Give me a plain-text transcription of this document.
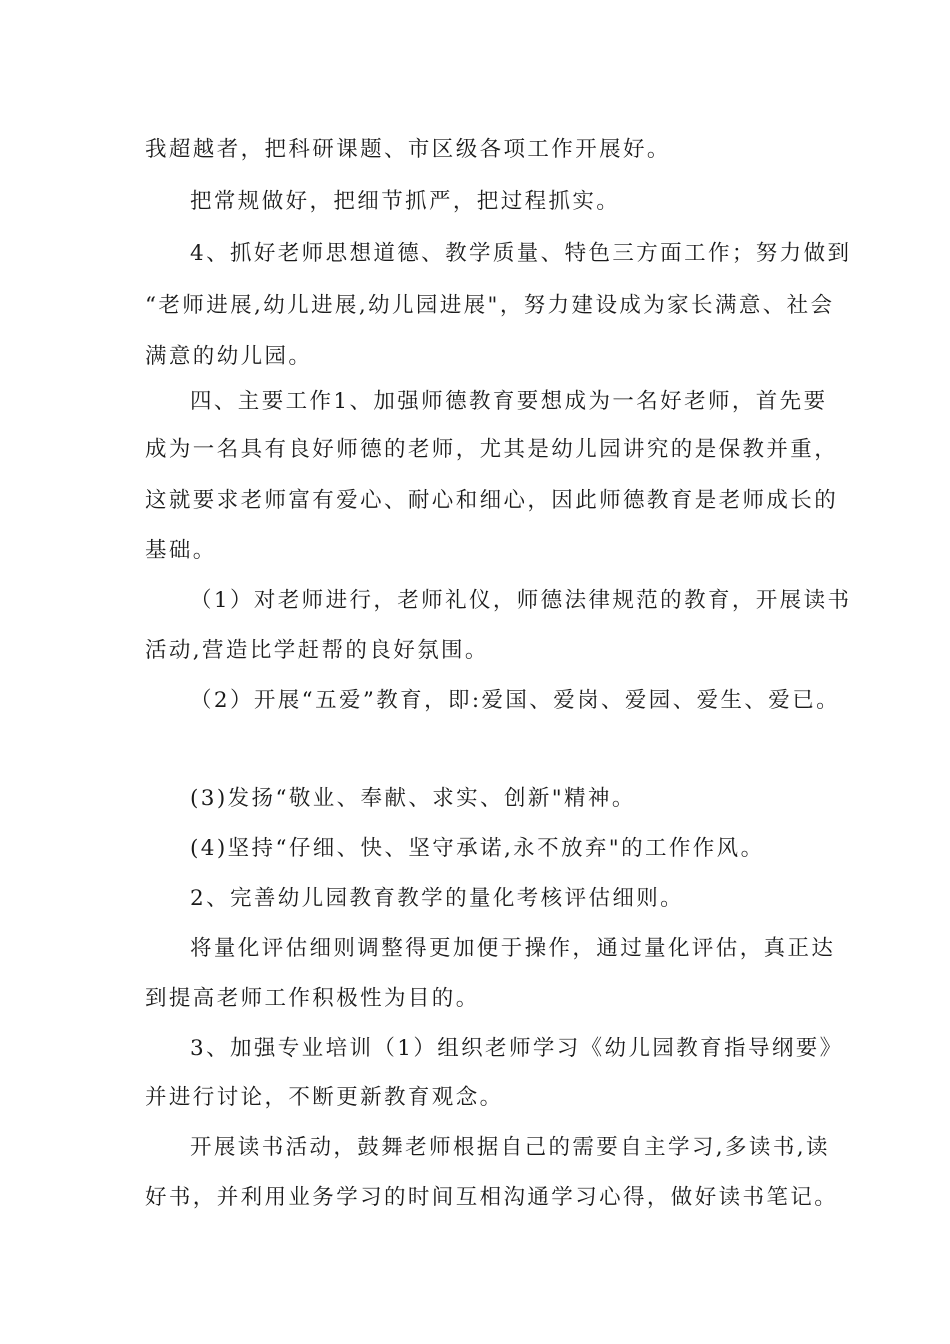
我超越者，把科研课题、市区级各项工作开展好。
把常规做好，把细节抓严，把过程抓实。
4、抓好老师思想道德、教学质量、特色三方面工作；努力做到
“老师进展,幼儿进展,幼儿园进展"，努力建设成为家长满意、社会
满意的幼儿园。
四、主要工作1、加强师德教育要想成为一名好老师，首先要
成为一名具有良好师德的老师，尤其是幼儿园讲究的是保教并重，
这就要求老师富有爱心、耐心和细心，因此师德教育是老师成长的
基础。
（1）对老师进行，老师礼仪，师德法律规范的教育，开展读书
活动,营造比学赶帮的良好氛围。
（2）开展“五爱”教育，即:爱国、爱岗、爱园、爱生、爱已。
(3)发扬“敬业、奉献、求实、创新"精神。
(4)坚持“仔细、快、坚守承诺,永不放弃"的工作作风。
2、完善幼儿园教育教学的量化考核评估细则。
将量化评估细则调整得更加便于操作，通过量化评估，真正达
到提高老师工作积极性为目的。
3、加强专业培训（1）组织老师学习《幼儿园教育指导纲要》
并进行讨论，不断更新教育观念。
开展读书活动，鼓舞老师根据自己的需要自主学习,多读书,读
好书，并利用业务学习的时间互相沟通学习心得，做好读书笔记。
